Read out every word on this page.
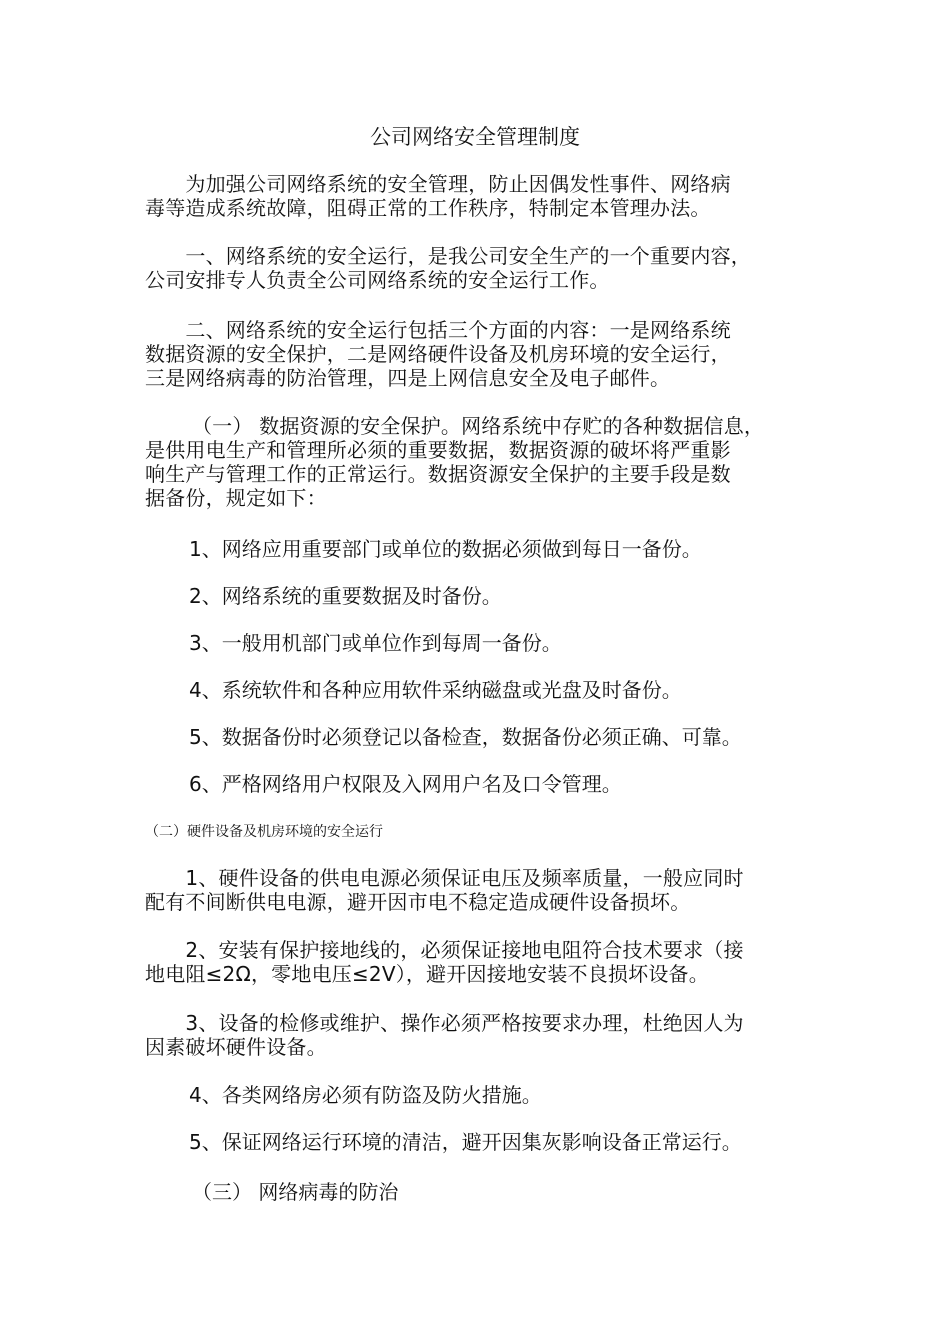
公司网络安全管理制度
　　为加强公司网络系统的安全管理，防止因偶发性事件、网络病
毒等造成系统故障，阻碍正常的工作秩序，特制定本管理办法。
　　一、网络系统的安全运行，是我公司安全生产的一个重要内容，
公司安排专人负责全公司网络系统的安全运行工作。
　　二、网络系统的安全运行包括三个方面的内容：一是网络系统
数据资源的安全保护，二是网络硬件设备及机房环境的安全运行，
三是网络病毒的防治管理，四是上网信息安全及电子邮件。
　　 （一） 数据资源的安全保护。网络系统中存贮的各种数据信息，
是供用电生产和管理所必须的重要数据，数据资源的破坏将严重影
响生产与管理工作的正常运行。数据资源安全保护的主要手段是数
据备份，规定如下：
1、网络应用重要部门或单位的数据必须做到每日一备份。
2、网络系统的重要数据及时备份。
3、一般用机部门或单位作到每周一备份。
4、系统软件和各种应用软件采纳磁盘或光盘及时备份。
5、数据备份时必须登记以备检查，数据备份必须正确、可靠。
6、严格网络用户权限及入网用户名及口令管理。
（二）硬件设备及机房环境的安全运行
　　1、硬件设备的供电电源必须保证电压及频率质量，一般应同时
配有不间断供电电源，避开因市电不稳定造成硬件设备损坏。
　　2、安装有保护接地线的，必须保证接地电阻符合技术要求（接
地电阻≤2Ω，零地电压≤2V），避开因接地安装不良损坏设备。
　　3、设备的检修或维护、操作必须严格按要求办理，杜绝因人为
因素破坏硬件设备。
4、各类网络房必须有防盗及防火措施。
5、保证网络运行环境的清洁，避开因集灰影响设备正常运行。
（三） 网络病毒的防治
